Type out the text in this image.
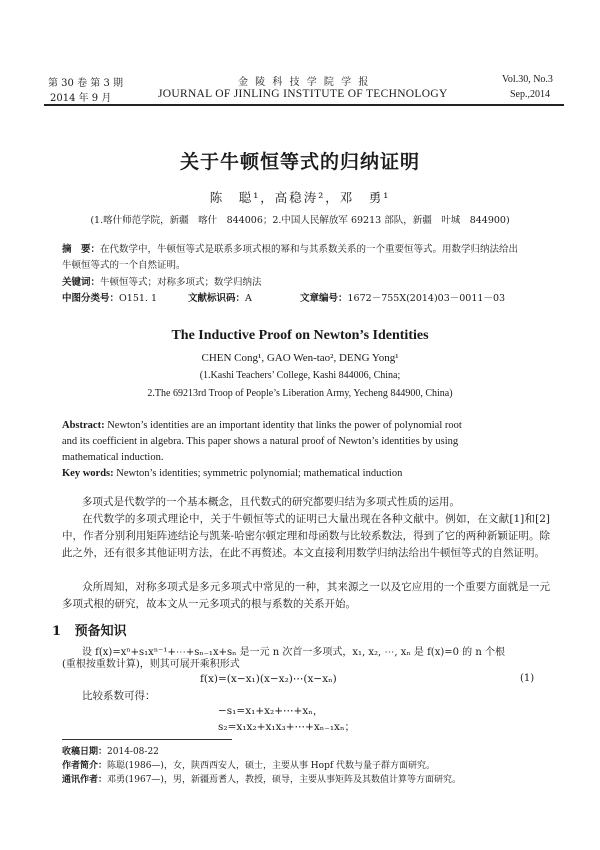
第 30 卷 第 3 期
2014 年 9 月
金 陵 科 技 学 院 学 报
JOURNAL OF JINLING INSTITUTE OF TECHNOLOGY
Vol.30, No.3
Sep.,2014
关于牛顿恒等式的归纳证明
陈　聪¹，高稳涛²，邓　勇¹
(1.喀什师范学院，新疆　喀什　844006；2.中国人民解放军 69213 部队，新疆　叶城　844900)
摘　要：在代数学中，牛顿恒等式是联系多项式根的幂和与其系数关系的一个重要恒等式。用数学归纳法给出
牛顿恒等式的一个自然证明。
关键词：牛顿恒等式；对称多项式；数学归纳法
中图分类号：O151. 1	文献标识码：A	文章编号：1672－755X(2014)03－0011－03
The Inductive Proof on Newton’s Identities
CHEN Cong¹, GAO Wen-tao², DENG Yong¹
(1.Kashi Teachers’ College, Kashi 844006, China;
2.The 69213rd Troop of People’s Liberation Army, Yecheng 844900, China)
Abstract: Newton’s identities are an important identity that links the power of polynomial root
and its coefficient in algebra. This paper shows a natural proof of Newton’s identities by using
mathematical induction.
Key words: Newton’s identities; symmetric polynomial; mathematical induction
多项式是代数学的一个基本概念，且代数式的研究都要归结为多项式性质的运用。
在代数学的多项式理论中，关于牛顿恒等式的证明已大量出现在各种文献中。例如，在文献[1]和[2]中，作者分别利用矩阵迹结论与凯莱-哈密尔顿定理和母函数与比较系数法，得到了它的两种新颖证明。除此之外，还有很多其他证明方法，在此不再赘述。本文直接利用数学归纳法给出牛顿恒等式的自然证明。
众所周知，对称多项式是多元多项式中常见的一种，其来源之一以及它应用的一个重要方面就是一元多项式根的研究，故本文从一元多项式的根与系数的关系开始。
1 预备知识
设 f(x)=xⁿ+s₁xⁿ⁻¹+⋯+sₙ₋₁x+sₙ 是一元 n 次首一多项式，x₁, x₂, ⋯, xₙ 是 f(x)=0 的 n 个根
(重根按重数计算)，则其可展开乘积形式
f(x)=(x−x₁)(x−x₂)⋯(x−xₙ)	(1)
比较系数可得：
−s₁=x₁+x₂+⋯+xₙ，
s₂=x₁x₂+x₁x₃+⋯+xₙ₋₁xₙ；
收稿日期：2014-08-22
作者简介：陈聪(1986—)，女，陕西西安人，硕士，主要从事 Hopf 代数与量子群方面研究。
通讯作者：邓勇(1967—)，男，新疆焉耆人，教授，硕导，主要从事矩阵及其数值计算等方面研究。
